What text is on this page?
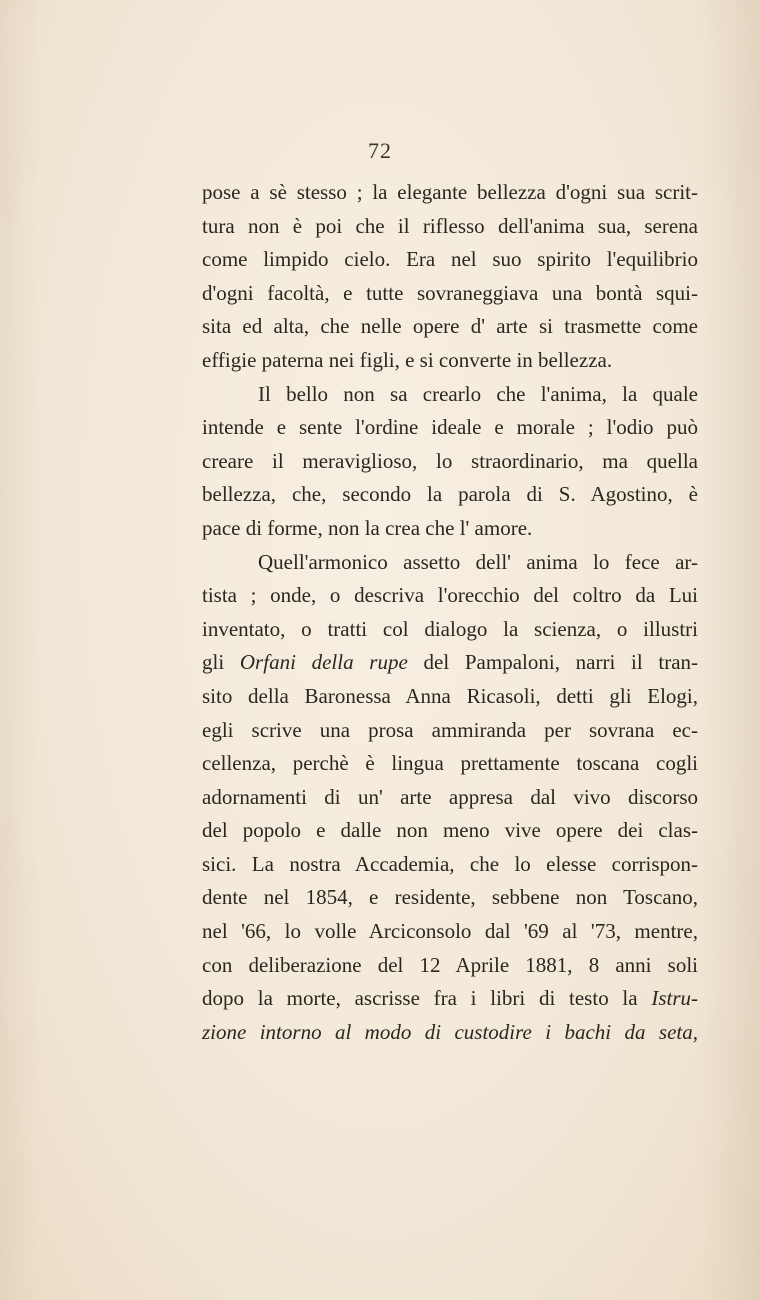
72
pose a sè stesso ; la elegante bellezza d'ogni sua scrit-
tura non è poi che il riflesso dell'anima sua, serena
come limpido cielo. Era nel suo spirito l'equilibrio
d'ogni facoltà, e tutte sovraneggiava una bontà squi-
sita ed alta, che nelle opere d' arte si trasmette come
effigie paterna nei figli, e si converte in bellezza.
Il bello non sa crearlo che l'anima, la quale
intende e sente l'ordine ideale e morale ; l'odio può
creare il meraviglioso, lo straordinario, ma quella
bellezza, che, secondo la parola di S. Agostino, è
pace di forme, non la crea che l' amore.
Quell'armonico assetto dell' anima lo fece ar-
tista ; onde, o descriva l'orecchio del coltro da Lui
inventato, o tratti col dialogo la scienza, o illustri
gli Orfani della rupe del Pampaloni, narri il tran-
sito della Baronessa Anna Ricasoli, detti gli Elogi,
egli scrive una prosa ammiranda per sovrana ec-
cellenza, perchè è lingua prettamente toscana cogli
adornamenti di un' arte appresa dal vivo discorso
del popolo e dalle non meno vive opere dei clas-
sici. La nostra Accademia, che lo elesse corrispon-
dente nel 1854, e residente, sebbene non Toscano,
nel '66, lo volle Arciconsolo dal '69 al '73, mentre,
con deliberazione del 12 Aprile 1881, 8 anni soli
dopo la morte, ascrisse fra i libri di testo la Istru-
zione intorno al modo di custodire i bachi da seta,
